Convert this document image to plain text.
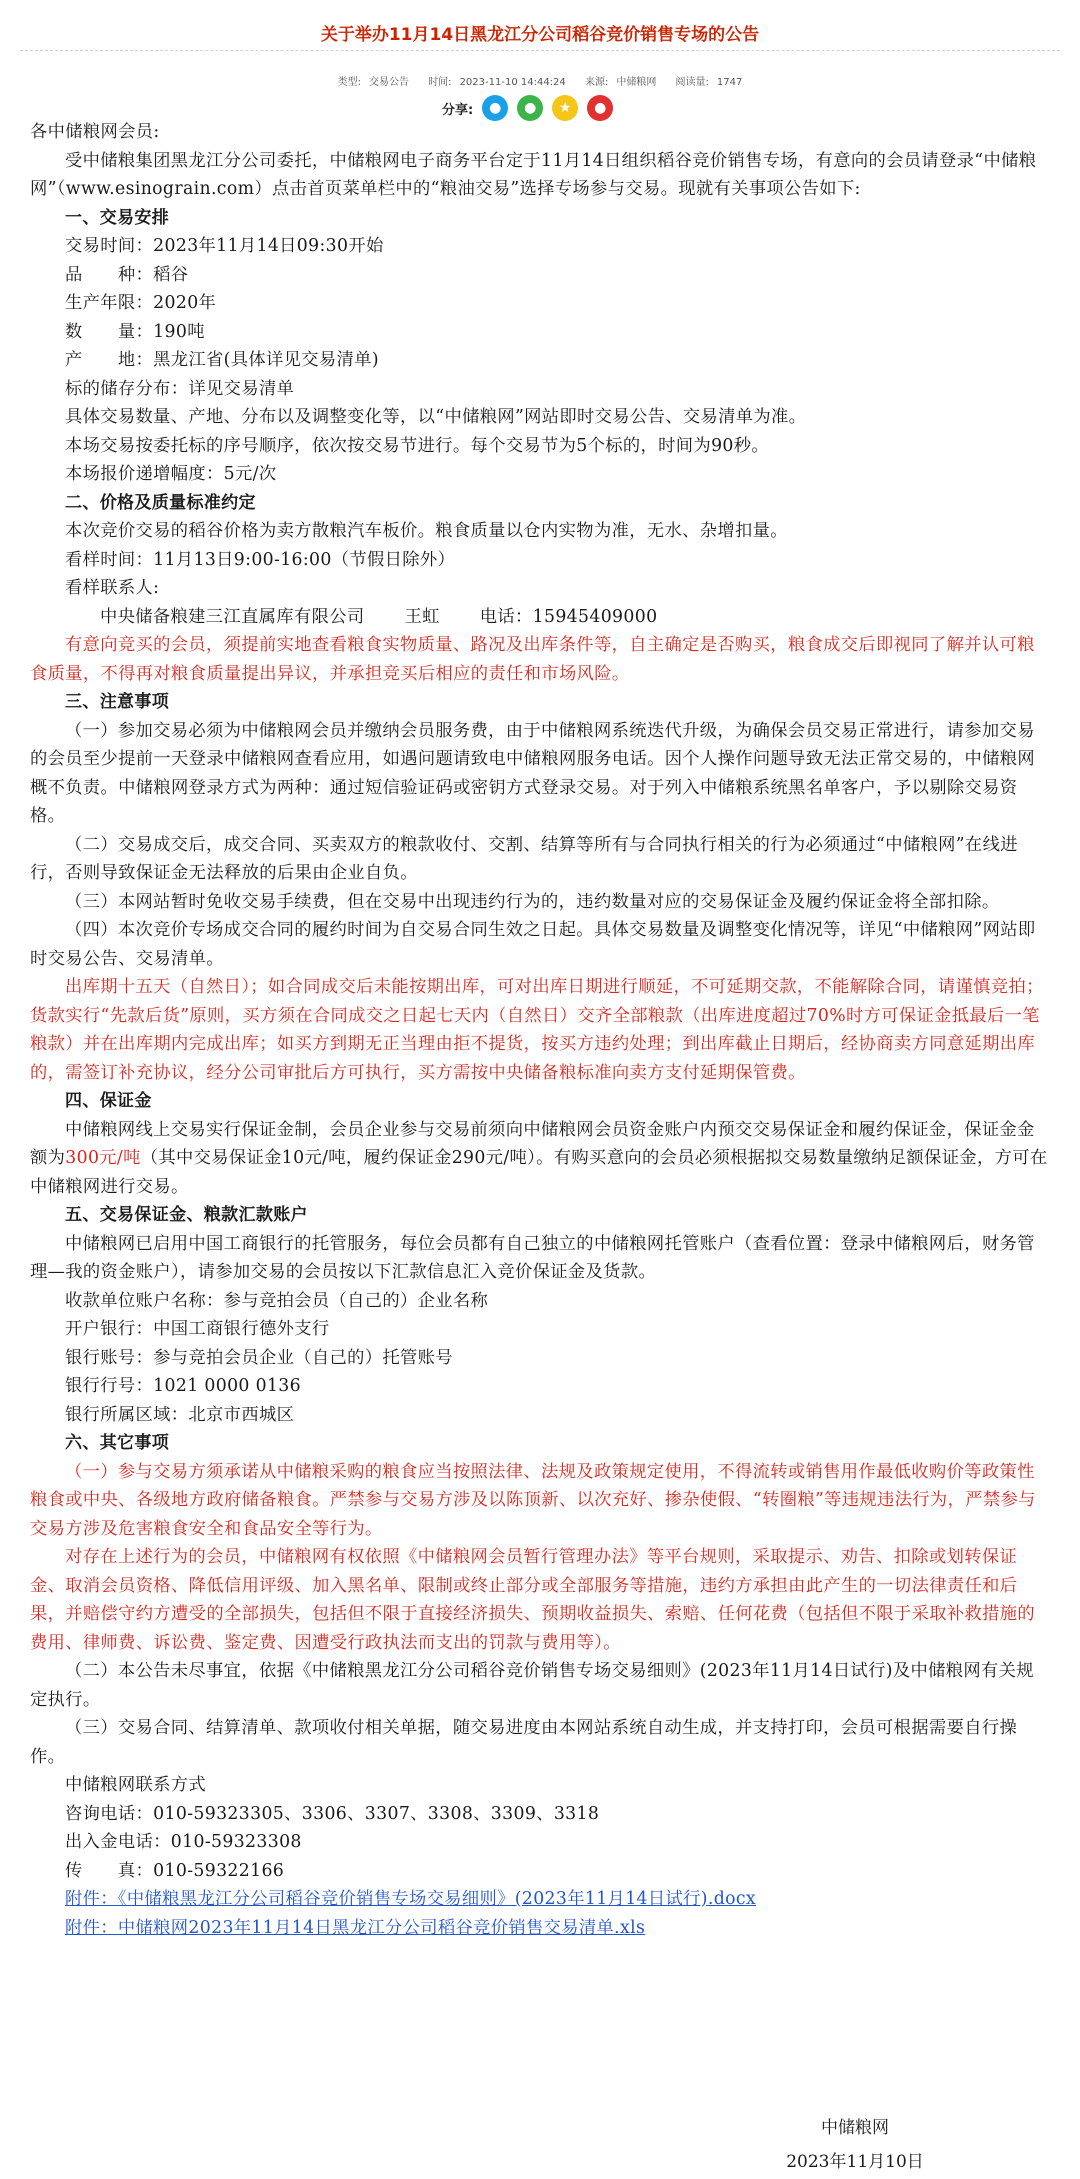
关于举办11月14日黑龙江分公司稻谷竞价销售专场的公告
类型: 交易公告 时间: 2023-11-10 14:44:24 来源: 中储粮网 阅读量: 1747
分享:	●	●	★	●

各中储粮网会员:

受中储粮集团黑龙江分公司委托，中储粮网电子商务平台定于11月14日组织稻谷竞价销售专场，有意向的会员请登录“中储粮网”（www.esinograin.com）点击首页菜单栏中的“粮油交易”选择专场参与交易。现就有关事项公告如下:

一、交易安排

交易时间：2023年11月14日09:30开始

品　　种：稻谷

生产年限：2020年

数　　量：190吨

产　　地：黑龙江省(具体详见交易清单)

标的储存分布：详见交易清单

具体交易数量、产地、分布以及调整变化等，以“中储粮网”网站即时交易公告、交易清单为准。

本场交易按委托标的序号顺序，依次按交易节进行。每个交易节为5个标的，时间为90秒。

本场报价递增幅度：5元/次

二、价格及质量标准约定

本次竞价交易的稻谷价格为卖方散粮汽车板价。粮食质量以仓内实物为准，无水、杂增扣量。

看样时间：11月13日9:00-16:00（节假日除外）

看样联系人:

中央储备粮建三江直属库有限公司 王虹 电话：15945409000

有意向竞买的会员，须提前实地查看粮食实物质量、路况及出库条件等，自主确定是否购买，粮食成交后即视同了解并认可粮食质量，不得再对粮食质量提出异议，并承担竞买后相应的责任和市场风险。

三、注意事项

（一）参加交易必须为中储粮网会员并缴纳会员服务费，由于中储粮网系统迭代升级，为确保会员交易正常进行，请参加交易的会员至少提前一天登录中储粮网查看应用，如遇问题请致电中储粮网服务电话。因个人操作问题导致无法正常交易的，中储粮网概不负责。中储粮网登录方式为两种：通过短信验证码或密钥方式登录交易。对于列入中储粮系统黑名单客户，予以剔除交易资格。

（二）交易成交后，成交合同、买卖双方的粮款收付、交割、结算等所有与合同执行相关的行为必须通过“中储粮网”在线进行，否则导致保证金无法释放的后果由企业自负。

（三）本网站暂时免收交易手续费，但在交易中出现违约行为的，违约数量对应的交易保证金及履约保证金将全部扣除。

（四）本次竞价专场成交合同的履约时间为自交易合同生效之日起。具体交易数量及调整变化情况等，详见“中储粮网”网站即时交易公告、交易清单。

出库期十五天（自然日）；如合同成交后未能按期出库，可对出库日期进行顺延，不可延期交款，不能解除合同，请谨慎竞拍；货款实行“先款后货”原则，买方须在合同成交之日起七天内（自然日）交齐全部粮款（出库进度超过70%时方可保证金抵最后一笔粮款）并在出库期内完成出库；如买方到期无正当理由拒不提货，按买方违约处理；到出库截止日期后，经协商卖方同意延期出库的，需签订补充协议，经分公司审批后方可执行，买方需按中央储备粮标准向卖方支付延期保管费。

四、保证金

中储粮网线上交易实行保证金制，会员企业参与交易前须向中储粮网会员资金账户内预交交易保证金和履约保证金，保证金金额为300元/吨（其中交易保证金10元/吨，履约保证金290元/吨）。有购买意向的会员必须根据拟交易数量缴纳足额保证金，方可在中储粮网进行交易。

五、交易保证金、粮款汇款账户

中储粮网已启用中国工商银行的托管服务，每位会员都有自己独立的中储粮网托管账户（查看位置：登录中储粮网后，财务管理—我的资金账户），请参加交易的会员按以下汇款信息汇入竞价保证金及货款。

收款单位账户名称：参与竞拍会员（自己的）企业名称

开户银行：中国工商银行德外支行

银行账号：参与竞拍会员企业（自己的）托管账号

银行行号：1021 0000 0136

银行所属区域：北京市西城区

六、其它事项

（一）参与交易方须承诺从中储粮采购的粮食应当按照法律、法规及政策规定使用，不得流转或销售用作最低收购价等政策性粮食或中央、各级地方政府储备粮食。严禁参与交易方涉及以陈顶新、以次充好、掺杂使假、“转圈粮”等违规违法行为，严禁参与交易方涉及危害粮食安全和食品安全等行为。

对存在上述行为的会员，中储粮网有权依照《中储粮网会员暂行管理办法》等平台规则，采取提示、劝告、扣除或划转保证金、取消会员资格、降低信用评级、加入黑名单、限制或终止部分或全部服务等措施，违约方承担由此产生的一切法律责任和后果，并赔偿守约方遭受的全部损失，包括但不限于直接经济损失、预期收益损失、索赔、任何花费（包括但不限于采取补救措施的费用、律师费、诉讼费、鉴定费、因遭受行政执法而支出的罚款与费用等）。

（二）本公告未尽事宜，依据《中储粮黑龙江分公司稻谷竞价销售专场交易细则》(2023年11月14日试行)及中储粮网有关规定执行。

（三）交易合同、结算清单、款项收付相关单据，随交易进度由本网站系统自动生成，并支持打印，会员可根据需要自行操作。

中储粮网联系方式

咨询电话：010-59323305、3306、3307、3308、3309、3318

出入金电话：010-59323308

传　　真：010-59322166

附件：《中储粮黑龙江分公司稻谷竞价销售专场交易细则》(2023年11月14日试行).docx

附件：中储粮网2023年11月14日黑龙江分公司稻谷竞价销售交易清单.xls

中储粮网
2023年11月10日
